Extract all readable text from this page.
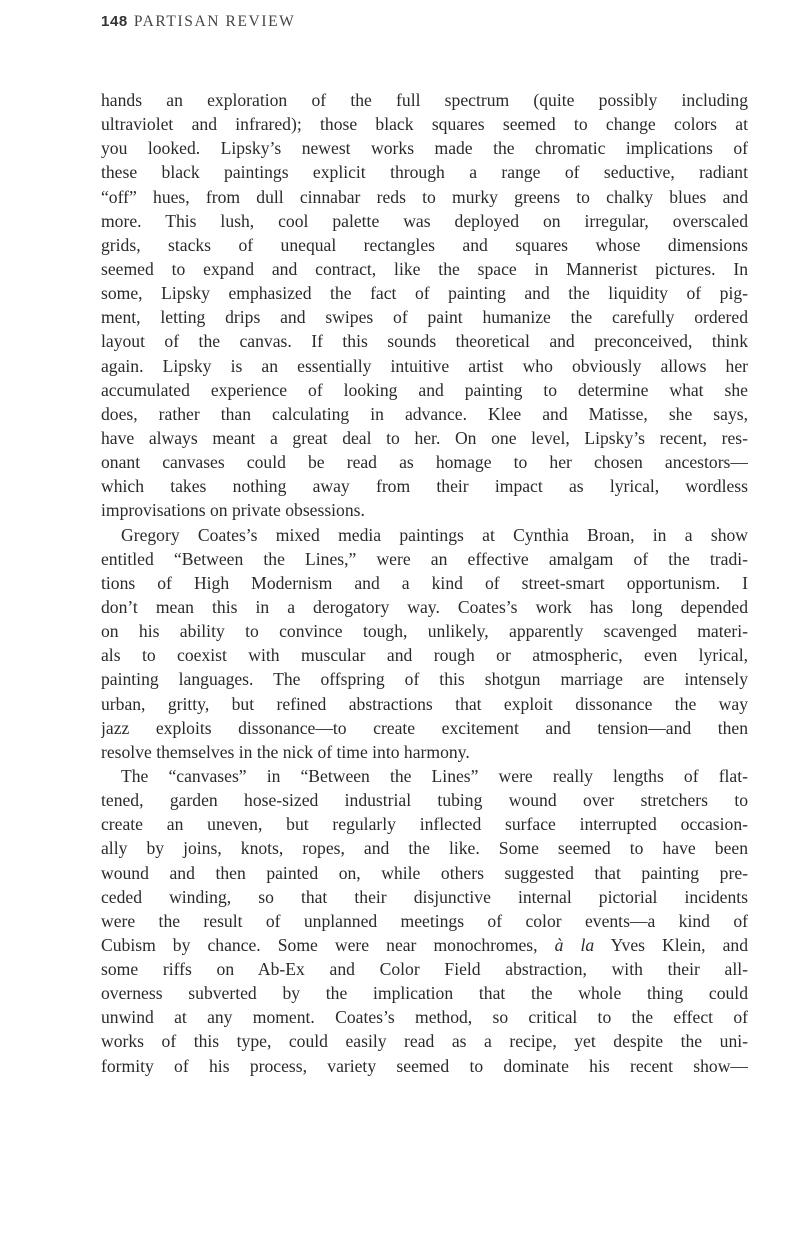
148 PARTISAN REVIEW
hands an exploration of the full spectrum (quite possibly including
ultraviolet and infrared); those black squares seemed to change colors at
you looked. Lipsky’s newest works made the chromatic implications of
these black paintings explicit through a range of seductive, radiant
“off” hues, from dull cinnabar reds to murky greens to chalky blues and
more. This lush, cool palette was deployed on irregular, overscaled
grids, stacks of unequal rectangles and squares whose dimensions
seemed to expand and contract, like the space in Mannerist pictures. In
some, Lipsky emphasized the fact of painting and the liquidity of pig-
ment, letting drips and swipes of paint humanize the carefully ordered
layout of the canvas. If this sounds theoretical and preconceived, think
again. Lipsky is an essentially intuitive artist who obviously allows her
accumulated experience of looking and painting to determine what she
does, rather than calculating in advance. Klee and Matisse, she says,
have always meant a great deal to her. On one level, Lipsky’s recent, res-
onant canvases could be read as homage to her chosen ancestors—
which takes nothing away from their impact as lyrical, wordless
improvisations on private obsessions.
Gregory Coates’s mixed media paintings at Cynthia Broan, in a show
entitled “Between the Lines,” were an effective amalgam of the tradi-
tions of High Modernism and a kind of street-smart opportunism. I
don’t mean this in a derogatory way. Coates’s work has long depended
on his ability to convince tough, unlikely, apparently scavenged materi-
als to coexist with muscular and rough or atmospheric, even lyrical,
painting languages. The offspring of this shotgun marriage are intensely
urban, gritty, but refined abstractions that exploit dissonance the way
jazz exploits dissonance—to create excitement and tension—and then
resolve themselves in the nick of time into harmony.
The “canvases” in “Between the Lines” were really lengths of flat-
tened, garden hose-sized industrial tubing wound over stretchers to
create an uneven, but regularly inflected surface interrupted occasion-
ally by joins, knots, ropes, and the like. Some seemed to have been
wound and then painted on, while others suggested that painting pre-
ceded winding, so that their disjunctive internal pictorial incidents
were the result of unplanned meetings of color events—a kind of
Cubism by chance. Some were near monochromes, à la Yves Klein, and
some riffs on Ab-Ex and Color Field abstraction, with their all-
overness subverted by the implication that the whole thing could
unwind at any moment. Coates’s method, so critical to the effect of
works of this type, could easily read as a recipe, yet despite the uni-
formity of his process, variety seemed to dominate his recent show—
